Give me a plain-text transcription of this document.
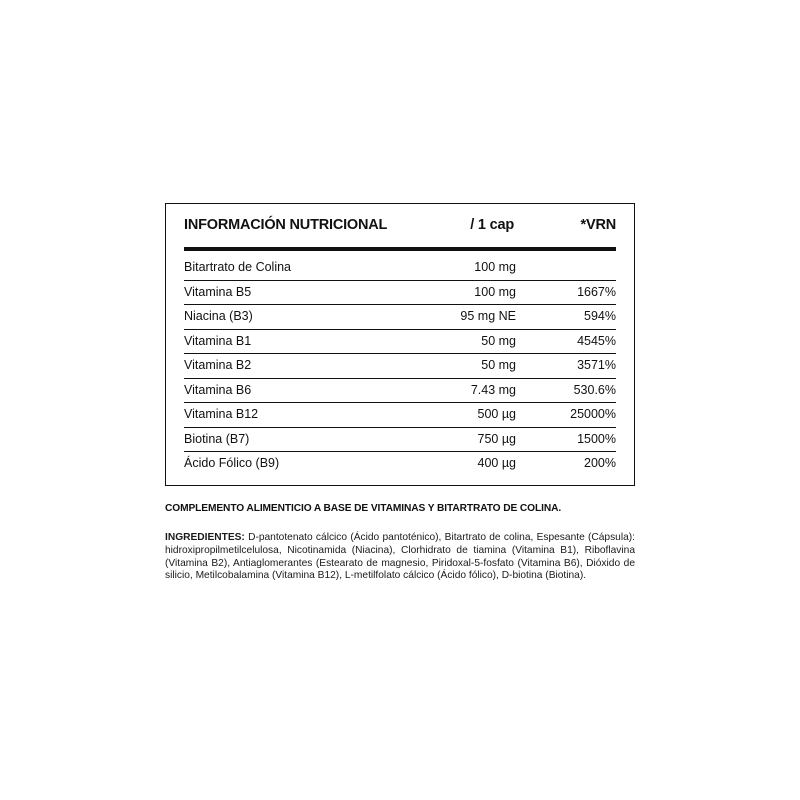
INFORMACIÓN NUTRICIONAL	/ 1 cap	*VRN
Bitartrato de Colina	100 mg
Vitamina B5	100 mg	1667%
Niacina (B3)	95 mg NE	594%
Vitamina B1	50 mg	4545%
Vitamina B2	50 mg	3571%
Vitamina B6	7.43 mg	530.6%
Vitamina B12	500 µg	25000%
Biotina (B7)	750 µg	1500%
Ácido Fólico (B9)	400 µg	200%
COMPLEMENTO ALIMENTICIO A BASE DE VITAMINAS Y BITARTRATO DE COLINA.
INGREDIENTES: D-pantotenato cálcico (Ácido pantoténico), Bitartrato de colina, Espesante (Cápsula): hidroxipropilmetilcelulosa, Nicotinamida (Niacina), Clorhidrato de tiamina (Vitamina B1), Riboflavina (Vitamina B2), Antiaglomerantes (Estearato de magnesio, Piridoxal-5-fosfato (Vitamina B6), Dióxido de silicio, Metilcobalamina (Vitamina B12), L-metilfolato cálcico (Ácido fólico), D-biotina (Biotina).
